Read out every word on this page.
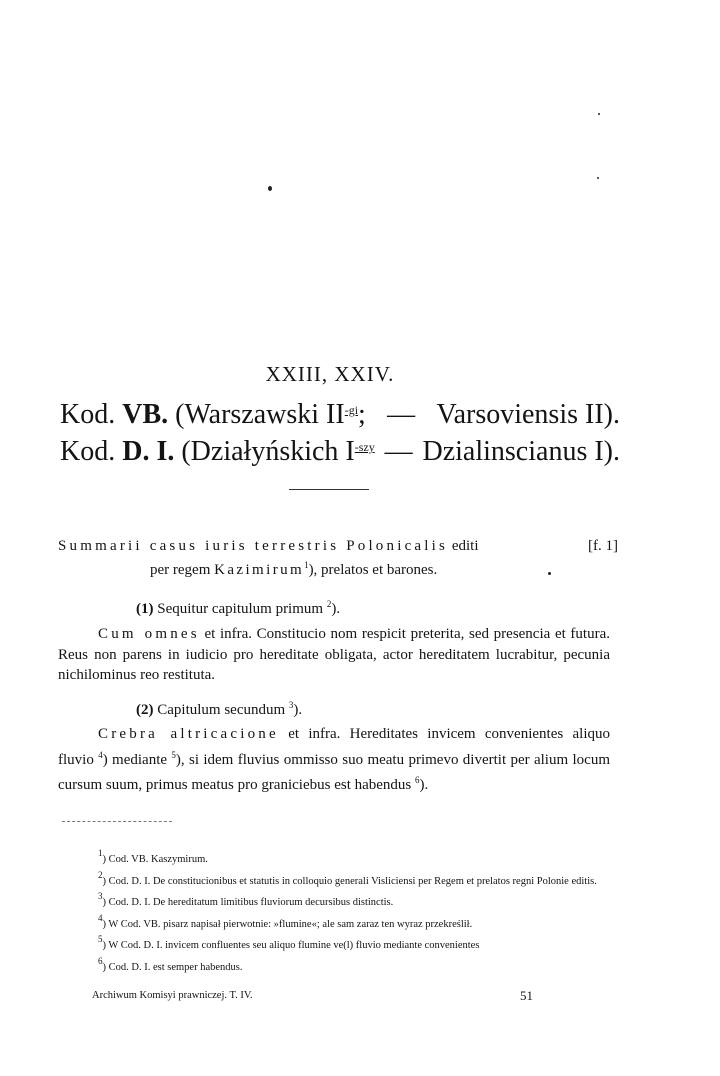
XXIII, XXIV.
Kod. VB. (Warszawski $II^{-gi}$; — Varsoviensis II).
Kod. D. I. (Działyńskich $I^{-szy}$ — Dzialinscianus I).
Summarii casus iuris terrestris Polonicalis editi	[f. 1]
per regem Kazimirum$^1$), prelatos et barones.
(1) Sequitur capitulum primum $^2$).
Cum omnes et infra. Constitucio nom respicit preterita, sed presencia et futura. Reus non parens in iudicio pro hereditate obligata, actor hereditatem lucrabitur, pecunia nichilominus reo restituta.
(2) Capitulum secundum $^3$).
Crebra altricacione et infra. Hereditates invicem convenientes aliquo fluvio $^4$) mediante $^5$), si idem fluvius ommisso suo meatu primevo divertit per alium locum cursum suum, primus meatus pro graniciebus est habendus $^6$).
1) Cod. VB. Kaszymirum.
2) Cod. D. I. De constitucionibus et statutis in colloquio generali Visliciensi per Regem et prelatos regni Polonie editis.
3) Cod. D. I. De hereditatum limitibus fluviorum decursibus distinctis.
4) W Cod. VB. pisarz napisał pierwotnie: »flumine«; ale sam zaraz ten wyraz przekreślił.
5) W Cod. D. I. invicem confluentes seu aliquo flumine ve(l) fluvio mediante convenientes
6) Cod. D. I. est semper habendus.
Archiwum Komisyi prawniczej. T. IV.	51
